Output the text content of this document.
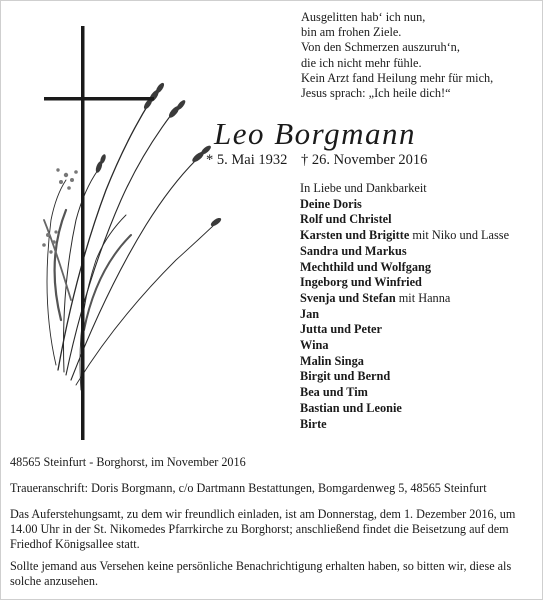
Ausgelitten hab‘ ich nun,
bin am frohen Ziele.
Von den Schmerzen auszuruh‘n,
die ich nicht mehr fühle.
Kein Arzt fand Heilung mehr für mich,
Jesus sprach: „Ich heile dich!“
Leo Borgmann
* 5. Mai 1932 † 26. November 2016
In Liebe und Dankbarkeit
Deine Doris
Rolf und Christel
Karsten und Brigitte mit Niko und Lasse
Sandra und Markus
Mechthild und Wolfgang
Ingeborg und Winfried
Svenja und Stefan mit Hanna
Jan
Jutta und Peter
Wina
Malin Singa
Birgit und Bernd
Bea und Tim
Bastian und Leonie
Birte
48565 Steinfurt - Borghorst, im November 2016
Traueranschrift: Doris Borgmann, c/o Dartmann Bestattungen, Bomgardenweg 5, 48565 Steinfurt
Das Auferstehungsamt, zu dem wir freundlich einladen, ist am Donnerstag, dem 1. Dezember 2016, um 14.00 Uhr in der St. Nikomedes Pfarrkirche zu Borghorst; anschließend findet die Beisetzung auf dem Friedhof Königsallee statt.
Sollte jemand aus Versehen keine persönliche Benachrichtigung erhalten haben, so bitten wir, diese als solche anzusehen.
